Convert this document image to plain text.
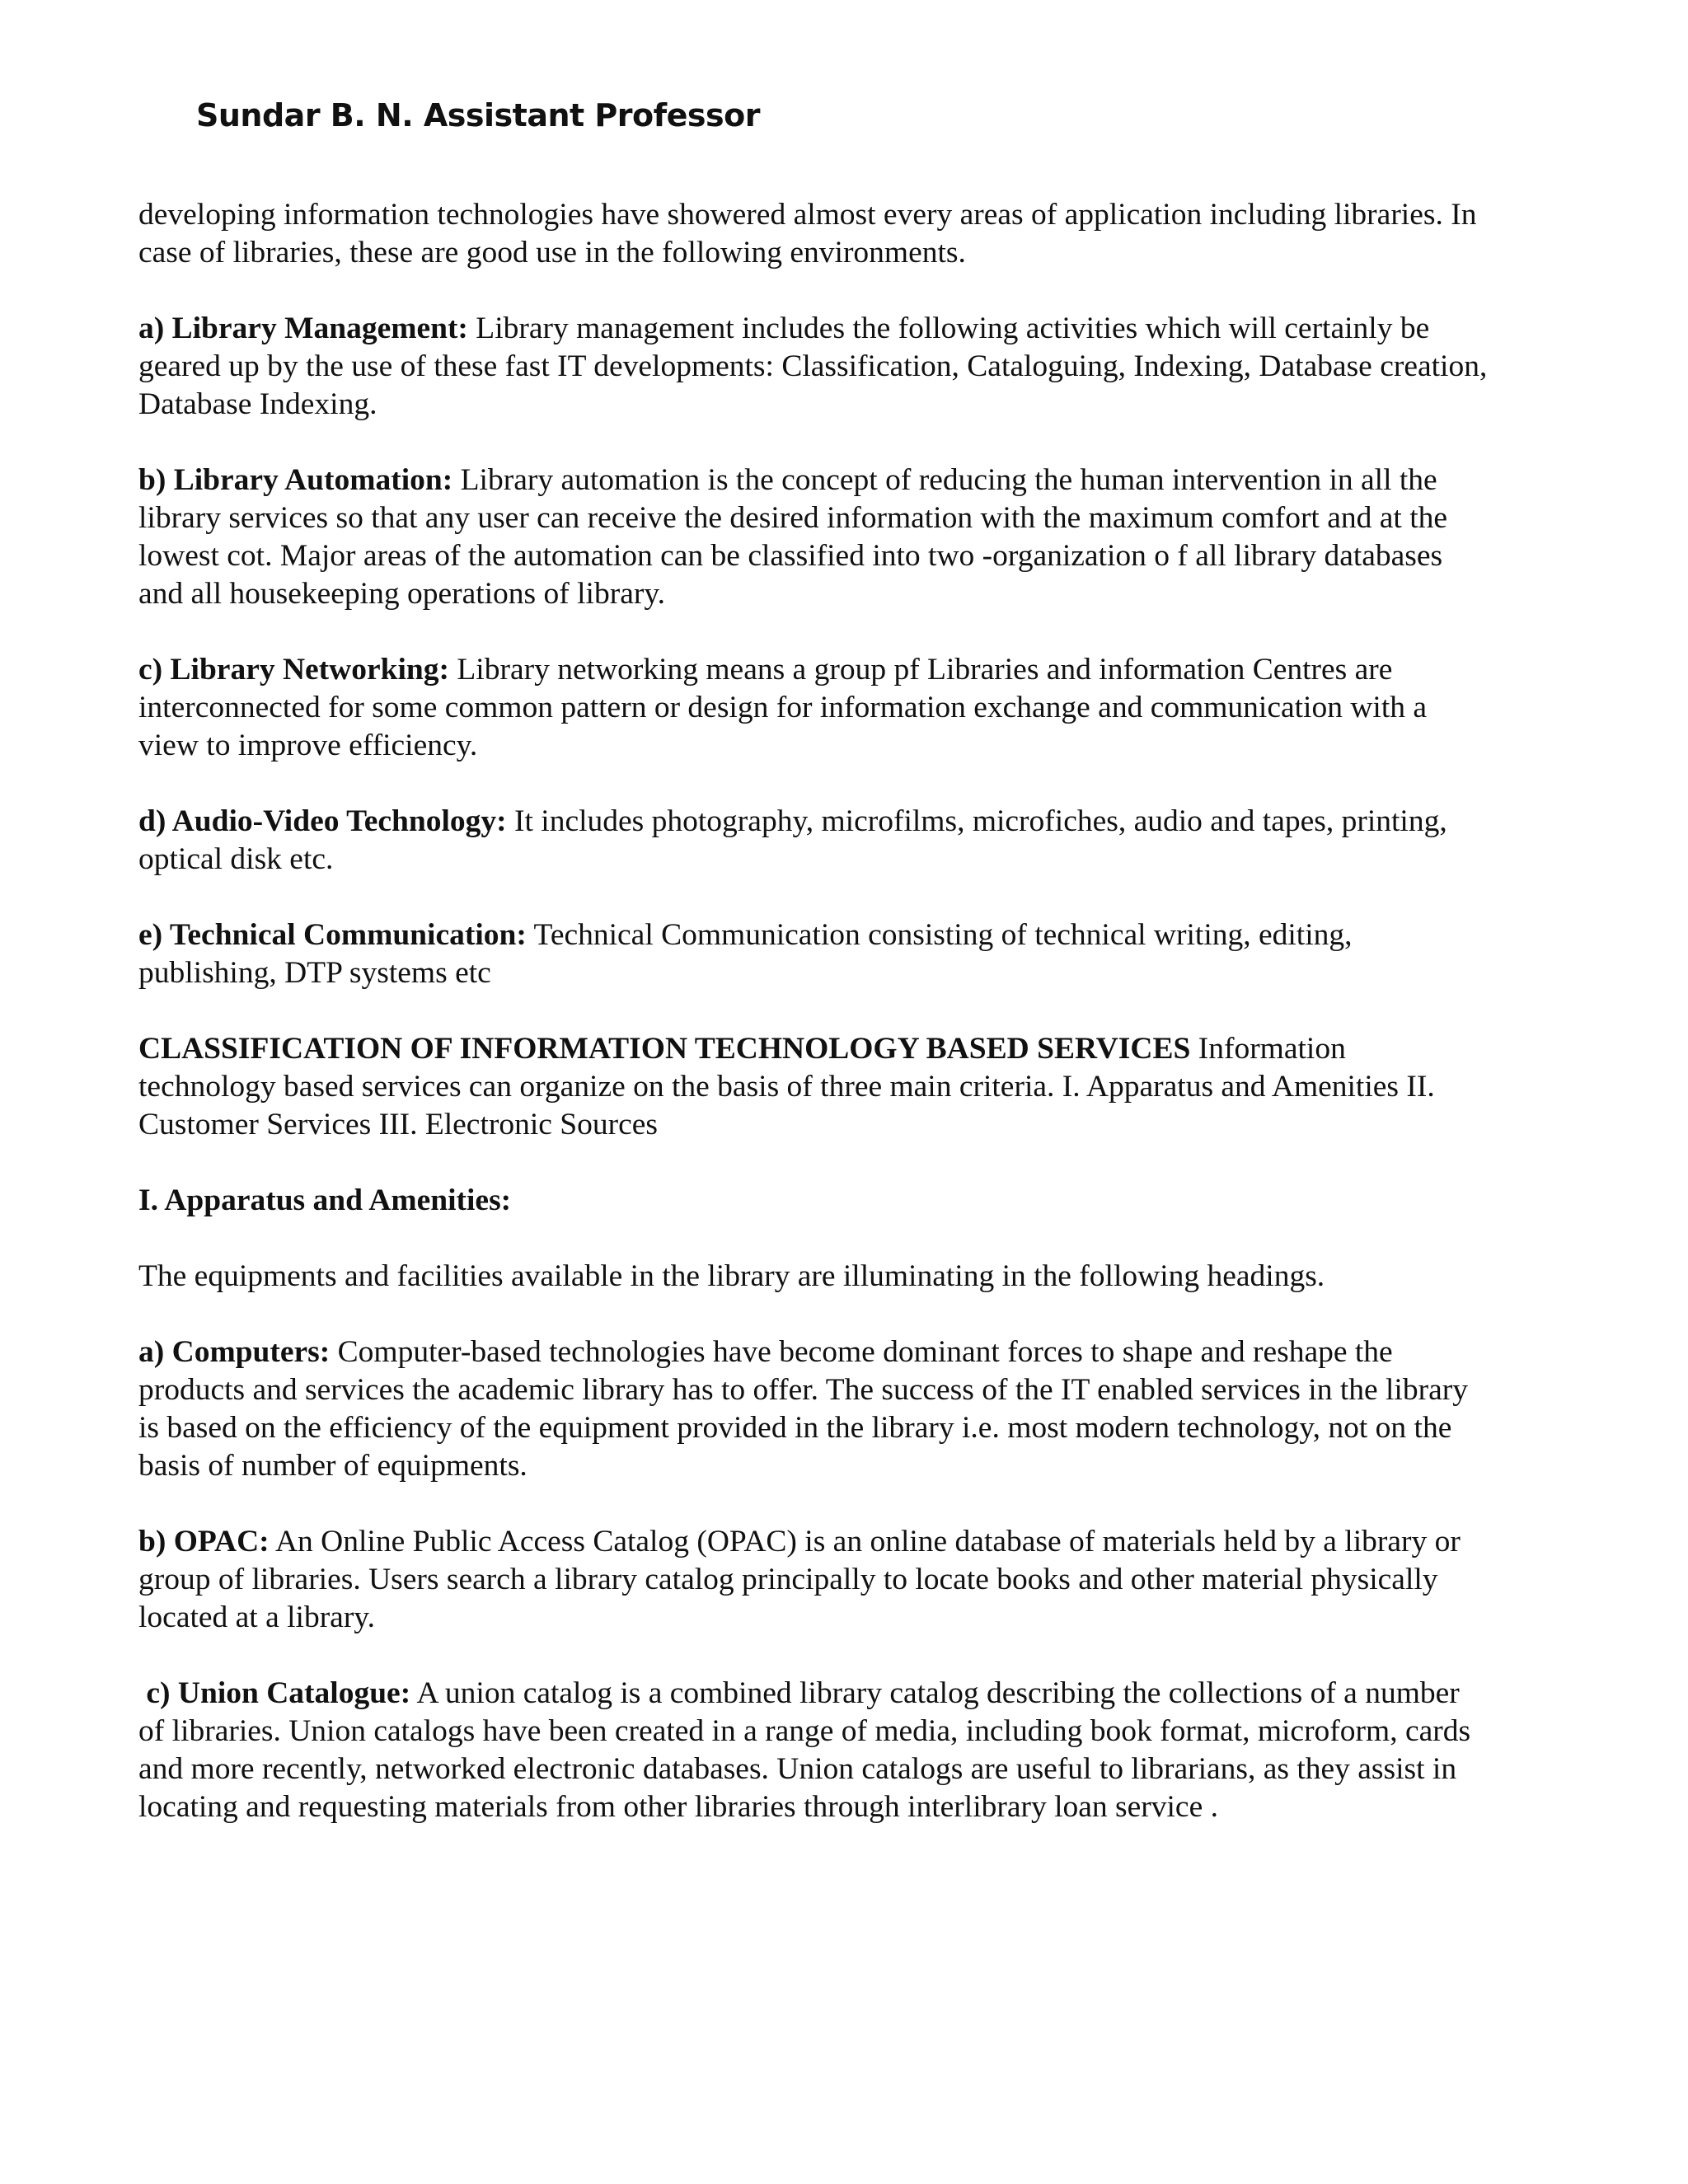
Sundar B. N. Assistant Professor

developing information technologies have showered almost every areas of application including libraries. In case of libraries, these are good use in the following environments.

a) Library Management: Library management includes the following activities which will certainly be geared up by the use of these fast IT developments: Classification, Cataloguing, Indexing, Database creation, Database Indexing.

b) Library Automation: Library automation is the concept of reducing the human intervention in all the library services so that any user can receive the desired information with the maximum comfort and at the lowest cot. Major areas of the automation can be classified into two -organization o f all library databases and all housekeeping operations of library.

c) Library Networking: Library networking means a group pf Libraries and information Centres are interconnected for some common pattern or design for information exchange and communication with a view to improve efficiency.

d) Audio-Video Technology: It includes photography, microfilms, microfiches, audio and tapes, printing, optical disk etc.

e) Technical Communication: Technical Communication consisting of technical writing, editing, publishing, DTP systems etc

CLASSIFICATION OF INFORMATION TECHNOLOGY BASED SERVICES Information technology based services can organize on the basis of three main criteria. I. Apparatus and Amenities II. Customer Services III. Electronic Sources

I. Apparatus and Amenities:

The equipments and facilities available in the library are illuminating in the following headings.

a) Computers: Computer-based technologies have become dominant forces to shape and reshape the products and services the academic library has to offer. The success of the IT enabled services in the library is based on the efficiency of the equipment provided in the library i.e. most modern technology, not on the basis of number of equipments.

b) OPAC: An Online Public Access Catalog (OPAC) is an online database of materials held by a library or group of libraries. Users search a library catalog principally to locate books and other material physically located at a library.

c) Union Catalogue: A union catalog is a combined library catalog describing the collections of a number of libraries. Union catalogs have been created in a range of media, including book format, microform, cards and more recently, networked electronic databases. Union catalogs are useful to librarians, as they assist in locating and requesting materials from other libraries through interlibrary loan service .
